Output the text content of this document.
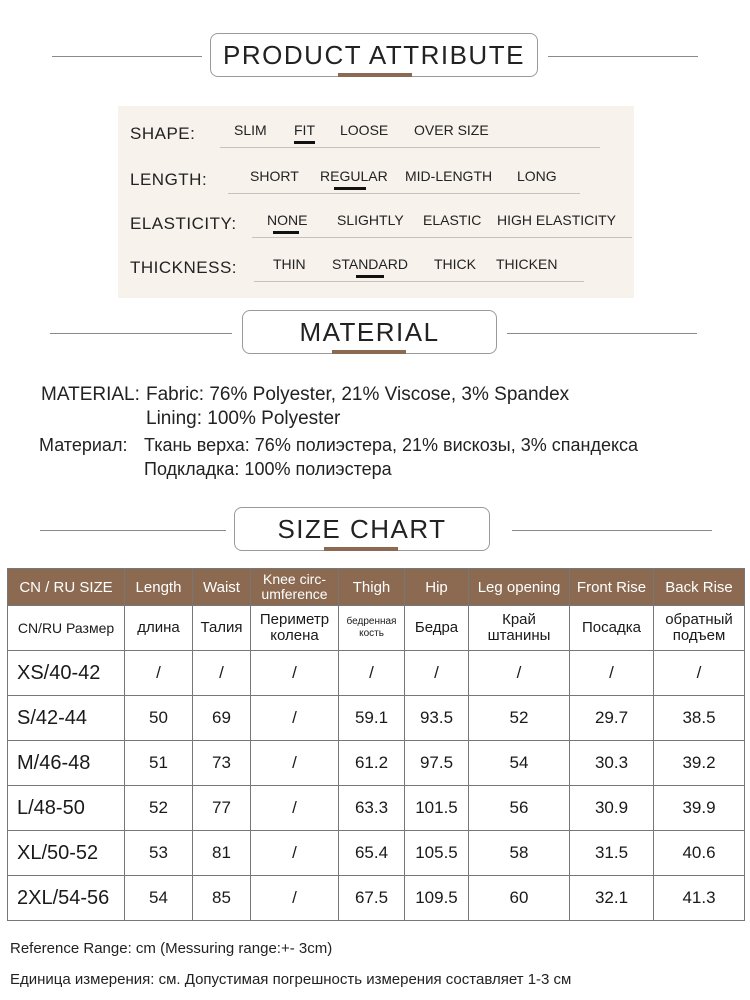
PRODUCT ATTRIBUTE
SHAPE:	SLIM FIT LOOSE OVER SIZE
LENGTH:	SHORT REGULAR MID-LENGTH LONG
ELASTICITY: NONE SLIGHTLY ELASTIC HIGH ELASTICITY
THICKNESS:	THIN STANDARD THICK THICKEN
MATERIAL
MATERIAL: Fabric: 76% Polyester, 21% Viscose, 3% Spandex
Lining: 100% Polyester
Материал: Ткань верха: 76% полиэстера, 21% вискозы, 3% спандекса
Подкладка: 100% полиэстера
SIZE CHART
CN / RU SIZE	Length	Waist	Knee circ-umference	Thigh	Hip	Leg opening	Front Rise	Back Rise
CN/RU Размер	длина	Талия	Периметр колена	бедренная кость	Бедра	Край штанины	Посадка	обратный подъем
XS/40-42	/	/	/	/	/	/	/	/
S/42-44	50	69	/	59.1	93.5	52	29.7	38.5
M/46-48	51	73	/	61.2	97.5	54	30.3	39.2
L/48-50	52	77	/	63.3	101.5	56	30.9	39.9
XL/50-52	53	81	/	65.4	105.5	58	31.5	40.6
2XL/54-56	54	85	/	67.5	109.5	60	32.1	41.3
Reference Range: cm (Messuring range:+- 3cm)
Единица измерения: см. Допустимая погрешность измерения составляет 1-3 см
